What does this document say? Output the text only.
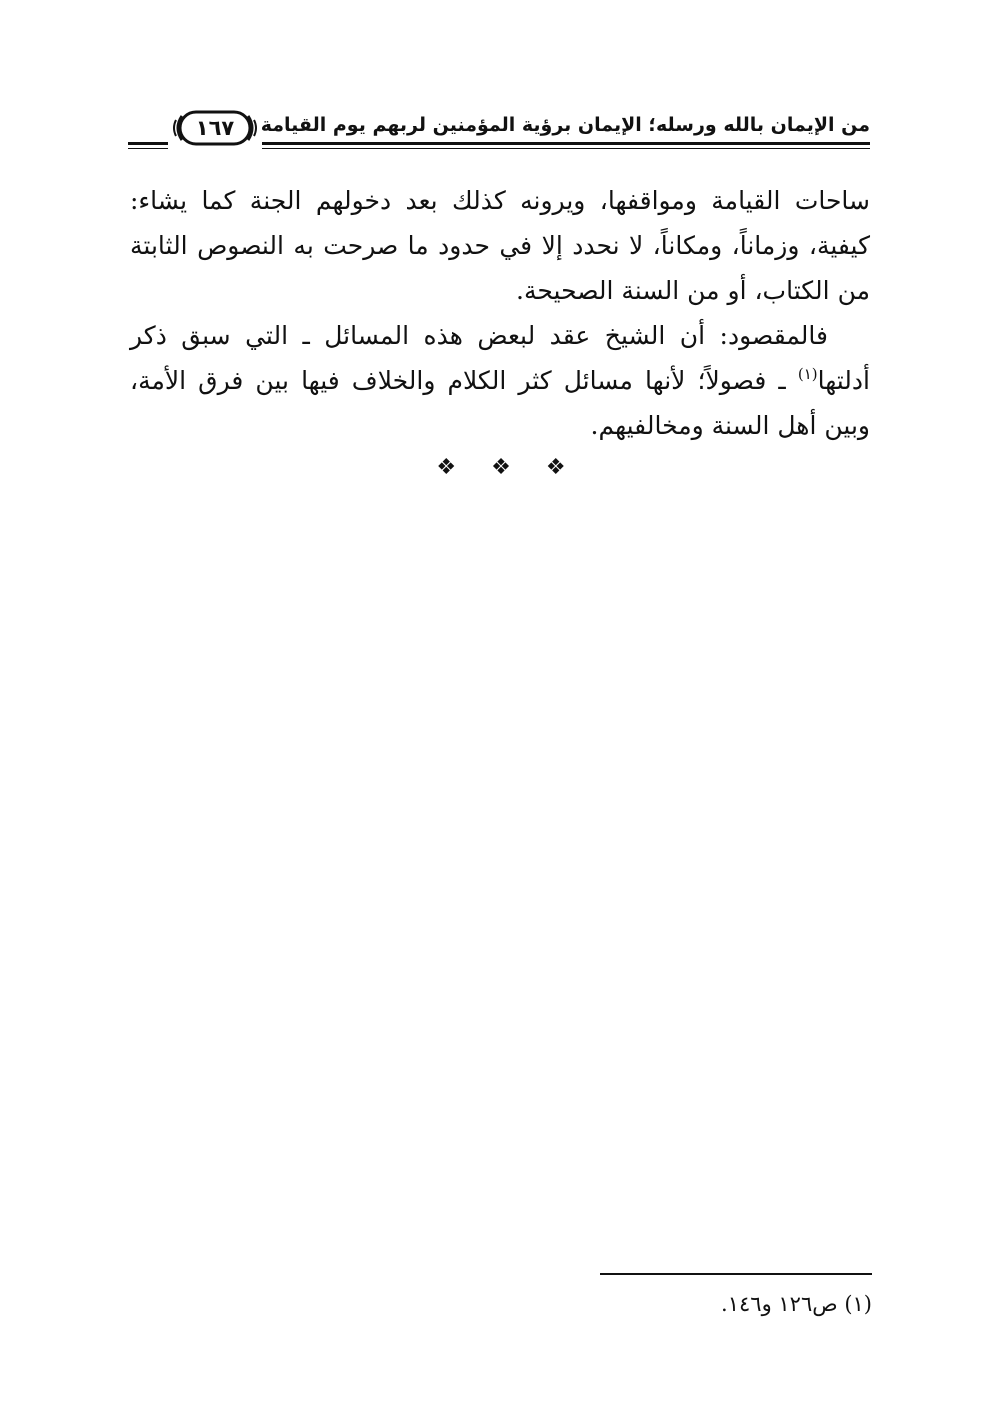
من الإيمان بالله ورسله؛ الإيمان برؤية المؤمنين لربهم يوم القيامة
١٦٧

ساحات القيامة ومواقفها، ويرونه كذلك بعد دخولهم الجنة كما يشاء: كيفية، وزماناً، ومكاناً، لا نحدد إلا في حدود ما صرحت به النصوص الثابتة من الكتاب، أو من السنة الصحيحة.

فالمقصود: أن الشيخ عقد لبعض هذه المسائل ـ التي سبق ذكر أدلتها$^{(١)}$ ـ فصولاً؛ لأنها مسائل كثر الكلام والخلاف فيها بين فرق الأمة، وبين أهل السنة ومخالفيهم.

❖ ❖ ❖
(١) ص١٢٦ و١٤٦.
